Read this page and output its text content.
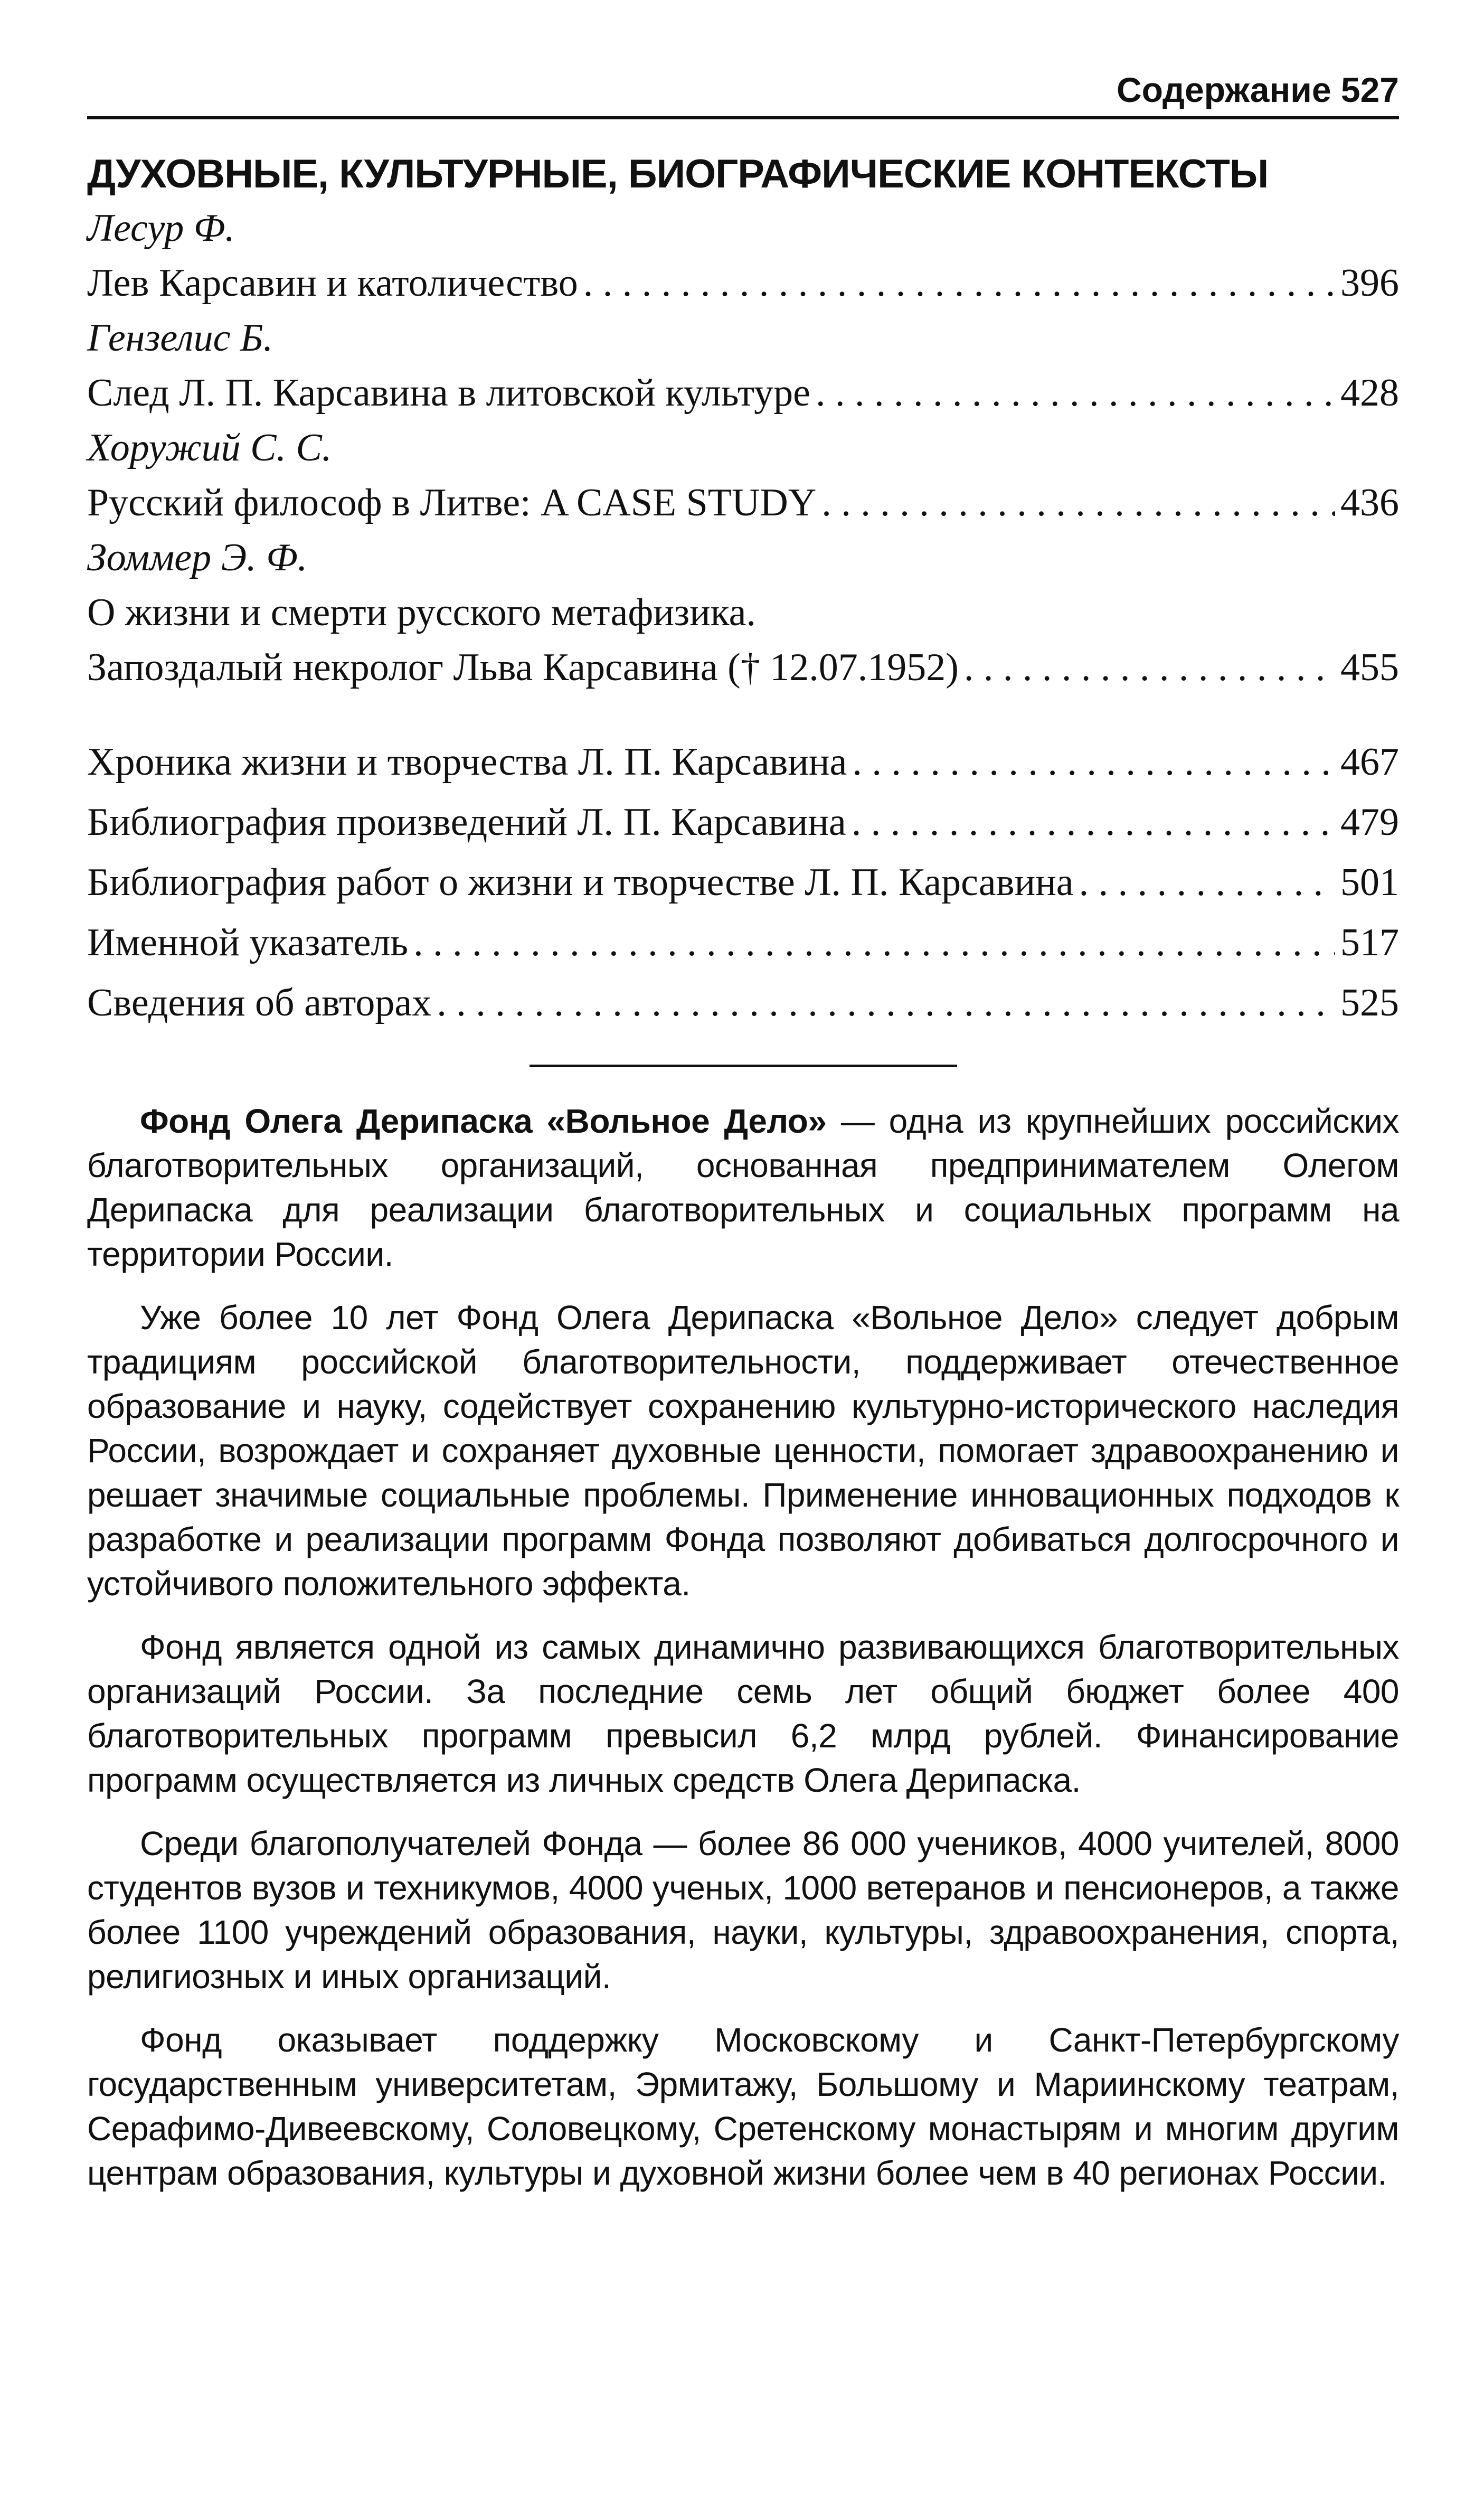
Содержание 527
ДУХОВНЫЕ, КУЛЬТУРНЫЕ, БИОГРАФИЧЕСКИЕ КОНТЕКСТЫ
Лесур Ф.
Лев Карсавин и католичество . . .	396
Гензелис Б.
След Л. П. Карсавина в литовской культуре . . .	428
Хоружий С. С.
Русский философ в Литве: A CASE STUDY . . .	436
Зоммер Э. Ф.
О жизни и смерти русского метафизика.
Запоздалый некролог Льва Карсавина († 12.07.1952) . . .	455
Хроника жизни и творчества Л. П. Карсавина . . .	467
Библиография произведений Л. П. Карсавина . . .	479
Библиография работ о жизни и творчестве Л. П. Карсавина . . .	501
Именной указатель . . .	517
Сведения об авторах . . .	525

Фонд Олега Дерипаска «Вольное Дело» — одна из крупнейших российских благотворительных организаций, основанная предпринимателем Олегом Дерипаска для реализации благотворительных и социальных программ на территории России.

Уже более 10 лет Фонд Олега Дерипаска «Вольное Дело» следует добрым традициям российской благотворительности, поддерживает отечественное образование и науку, содействует сохранению культурно-исторического наследия России, возрождает и сохраняет духовные ценности, помогает здравоохранению и решает значимые социальные проблемы. Применение инновационных подходов к разработке и реализации программ Фонда позволяют добиваться долгосрочного и устойчивого положительного эффекта.

Фонд является одной из самых динамично развивающихся благотворительных организаций России. За последние семь лет общий бюджет более 400 благотворительных программ превысил 6,2 млрд рублей. Финансирование программ осуществляется из личных средств Олега Дерипаска.

Среди благополучателей Фонда — более 86 000 учеников, 4000 учителей, 8000 студентов вузов и техникумов, 4000 ученых, 1000 ветеранов и пенсионеров, а также более 1100 учреждений образования, науки, культуры, здравоохранения, спорта, религиозных и иных организаций.

Фонд оказывает поддержку Московскому и Санкт-Петербургскому государственным университетам, Эрмитажу, Большому и Мариинскому театрам, Серафимо-Дивеевскому, Соловецкому, Сретенскому монастырям и многим другим центрам образования, культуры и духовной жизни более чем в 40 регионах России.
